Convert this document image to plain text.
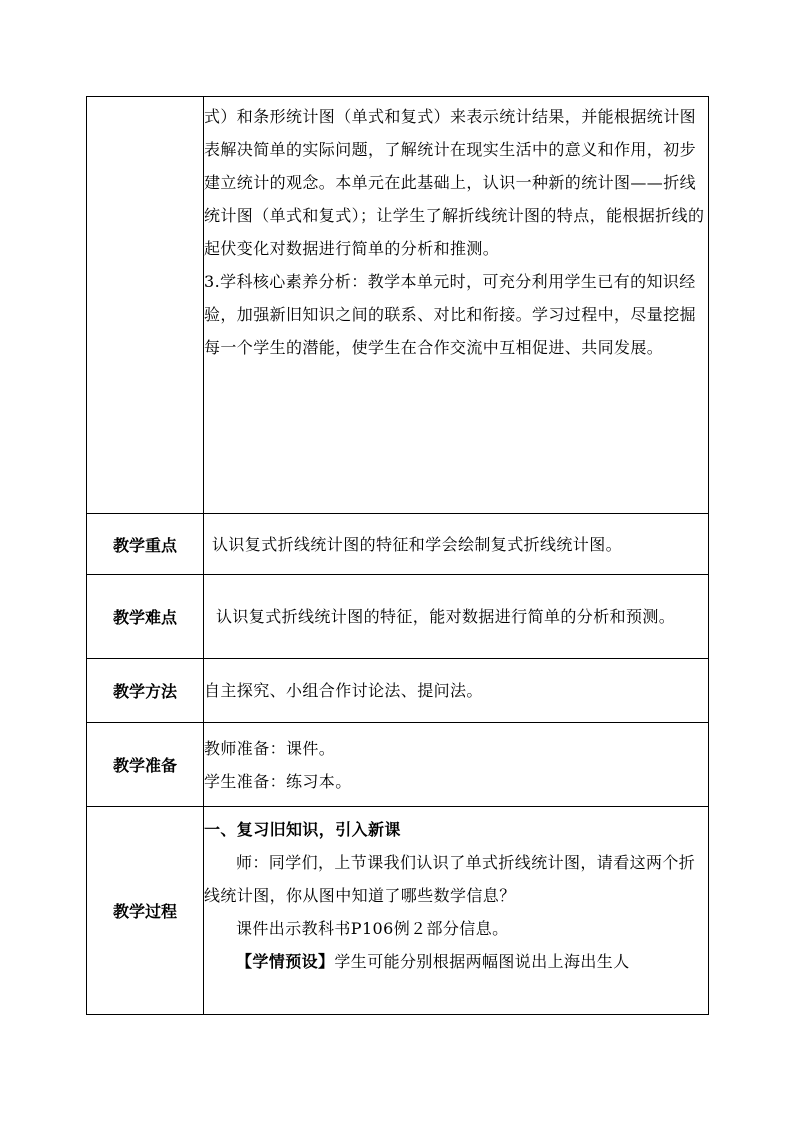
	式）和条形统计图（单式和复式）来表示统计结果，并能根据统计图表解决简单的实际问题，了解统计在现实生活中的意义和作用，初步建立统计的观念。本单元在此基础上，认识一种新的统计图——折线统计图（单式和复式）；让学生了解折线统计图的特点，能根据折线的起伏变化对数据进行简单的分析和推测。

3.学科核心素养分析：教学本单元时，可充分利用学生已有的知识经验，加强新旧知识之间的联系、对比和衔接。学习过程中，尽量挖掘每一个学生的潜能，使学生在合作交流中互相促进、共同发展。

教学重点	认识复式折线统计图的特征和学会绘制复式折线统计图。

教学难点	认识复式折线统计图的特征，能对数据进行简单的分析和预测。

教学方法	自主探究、小组合作讨论法、提问法。

教学准备	教师准备：课件。

学生准备：练习本。

教学过程	一、复习旧知识，引入新课

师：同学们，上节课我们认识了单式折线统计图，请看这两个折线统计图，你从图中知道了哪些数学信息？

课件出示教科书P106例２部分信息。

【学情预设】学生可能分别根据两幅图说出上海出生人
